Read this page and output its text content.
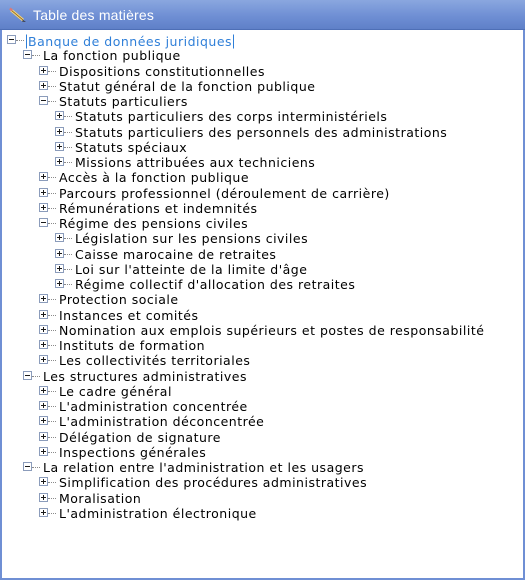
Table des matières
Banque de données juridiques
La fonction publique
Dispositions constitutionnelles
Statut général de la fonction publique
Statuts particuliers
Statuts particuliers des corps interministériels
Statuts particuliers des personnels des administrations
Statuts spéciaux
Missions attribuées aux techniciens
Accès à la fonction publique
Parcours professionnel (déroulement de carrière)
Rémunérations et indemnités
Régime des pensions civiles
Législation sur les pensions civiles
Caisse marocaine de retraites
Loi sur l'atteinte de la limite d'âge
Régime collectif d'allocation des retraites
Protection sociale
Instances et comités
Nomination aux emplois supérieurs et postes de responsabilité
Instituts de formation
Les collectivités territoriales
Les structures administratives
Le cadre général
L'administration concentrée
L'administration déconcentrée
Délégation de signature
Inspections générales
La relation entre l'administration et les usagers
Simplification des procédures administratives
Moralisation
L'administration électronique
